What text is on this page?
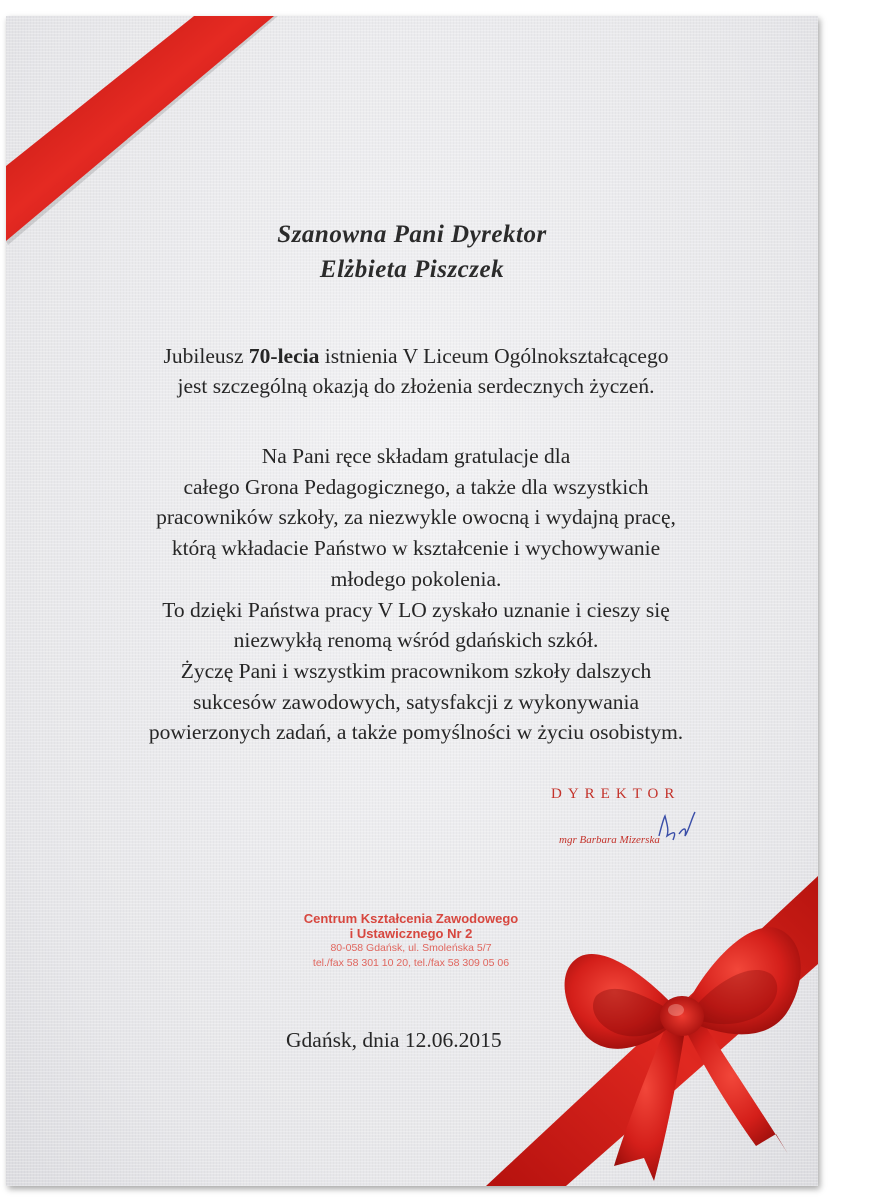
Szanowna Pani Dyrektor
Elżbieta Piszczek
Jubileusz 70-lecia istnienia V Liceum Ogólnokształcącego
jest szczególną okazją do złożenia serdecznych życzeń.
Na Pani ręce składam gratulacje dla
całego Grona Pedagogicznego, a także dla wszystkich
pracowników szkoły, za niezwykle owocną i wydajną pracę,
którą wkładacie Państwo w kształcenie i wychowywanie
młodego pokolenia.
To dzięki Państwa pracy V LO zyskało uznanie i cieszy się
niezwykłą renomą wśród gdańskich szkół.
Życzę Pani i wszystkim pracownikom szkoły dalszych
sukcesów zawodowych, satysfakcji z wykonywania
powierzonych zadań, a także pomyślności w życiu osobistym.
DYREKTOR
mgr Barbara Mizerska
Centrum Kształcenia Zawodowego
i Ustawicznego Nr 2
80-058 Gdańsk, ul. Smoleńska 5/7
tel./fax 58 301 10 20, tel./fax 58 309 05 06
Gdańsk, dnia 12.06.2015
